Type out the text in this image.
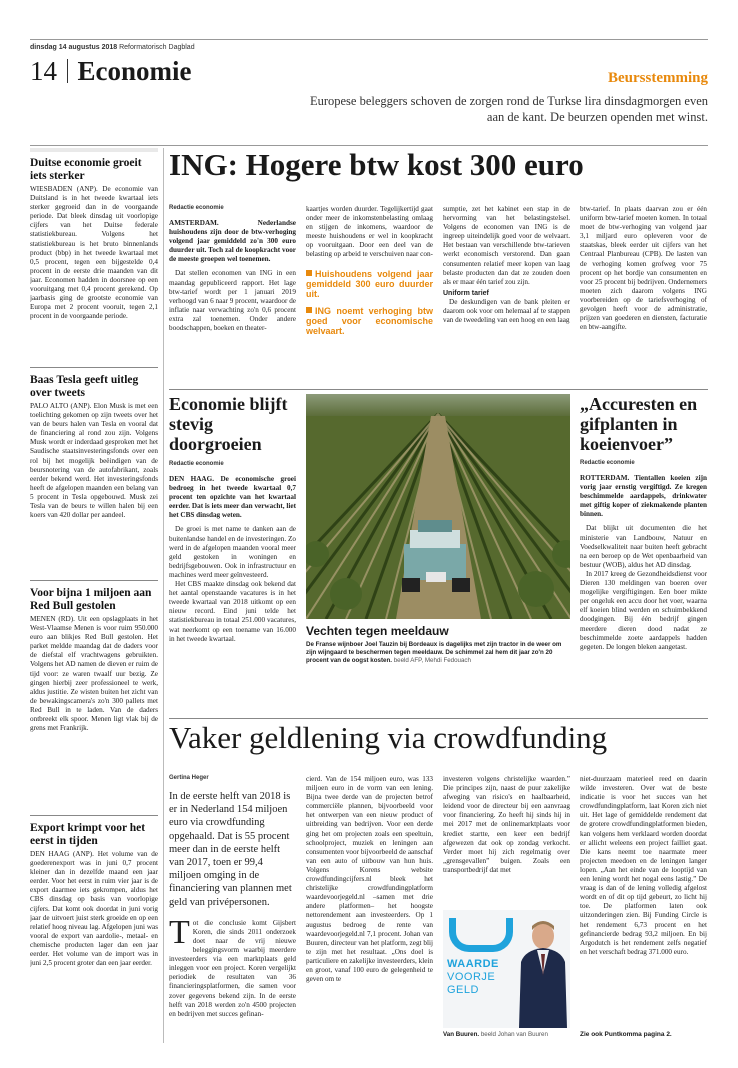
dinsdag 14 augustus 2018 Reformatorisch Dagblad
14 Economie	Beursstemming
Europese beleggers schoven de zorgen rond de Turkse lira dinsdagmorgen even aan de kant. De beurzen openden met winst.
Duitse economie groeit iets sterker
WIESBADEN (ANP). De economie van Duitsland is in het tweede kwartaal iets sterker gegroeid dan in de voorgaande periode. Dat bleek dinsdag uit voorlopige cijfers van het Duitse federale statistiekbureau. Volgens het statistiekbureau is het bruto binnenlands product (bbp) in het tweede kwartaal met 0,5 procent, tegen een bijgestelde 0,4 procent in de eerste drie maanden van dit jaar. Economen hadden in doorsnee op een vooruitgang met 0,4 procent gerekend. Op jaarbasis ging de grootste economie van Europa met 2 procent vooruit, tegen 2,1 procent in de voorgaande periode.
Baas Tesla geeft uitleg over tweets
PALO ALTO (ANP). Elon Musk is met een toelichting gekomen op zijn tweets over het van de beurs halen van Tesla en vooral dat de financiering al rond zou zijn. Volgens Musk wordt er inderdaad gesproken met het Saudische staatsinvesteringsfonds over een rol bij het mogelijk beëindigen van de beursnotering van de autofabrikant, zoals eerder bekend werd. Het investeringsfonds heeft de afgelopen maanden een belang van 5 procent in Tesla opgebouwd. Musk zei Tesla van de beurs te willen halen bij een koers van 420 dollar per aandeel.
Voor bijna 1 miljoen aan Red Bull gestolen
MENEN (RD). Uit een opslagplaats in het West-Vlaamse Menen is voor ruim 950.000 euro aan blikjes Red Bull gestolen. Het parket meldde maandag dat de daders voor de diefstal elf vrachtwagens gebruikten. Volgens het AD namen de dieven er ruim de tijd voor: ze waren twaalf uur bezig. Ze gingen hierbij zeer professioneel te werk, aldus justitie. Ze wisten buiten het zicht van de bewakingscamera's zo'n 300 pallets met Red Bull in te laden. Van de daders ontbreekt elk spoor. Menen ligt vlak bij de grens met Frankrijk.
Export krimpt voor het eerst in tijden
DEN HAAG (ANP). Het volume van de goederenexport was in juni 0,7 procent kleiner dan in dezelfde maand een jaar eerder. Voor het eerst in ruim vier jaar is de export daarmee iets gekrompen, aldus het CBS dinsdag op basis van voorlopige cijfers. Dat komt ook doordat in juni vorig jaar de uitvoert juist sterk groeide en op een relatief hoog niveau lag. Afgelopen juni was vooral de export van aardolie-, metaal- en chemische producten lager dan een jaar eerder. Het volume van de import was in juni 2,5 procent groter dan een jaar eerder.
ING: Hogere btw kost 300 euro
Redactie economie

AMSTERDAM. Nederlandse huishoudens zijn door de btw-verhoging volgend jaar gemiddeld zo'n 300 euro duurder uit. Toch zal de koopkracht voor de meeste groepen wel toenemen.

Dat stellen economen van ING in een maandag gepubliceerd rapport. Het lage btw-tarief wordt per 1 januari 2019 verhoogd van 6 naar 9 procent, waardoor de inflatie naar verwachting zo'n 0,6 procent extra zal toenemen. Onder andere boodschappen, boeken en theater-

kaartjes worden duurder. Tegelijkertijd gaat onder meer de inkomstenbelasting omlaag en stijgen de inkomens, waardoor de meeste huishoudens er wel in koopkracht op vooruitgaan. Door een deel van de belasting op arbeid te verschuiven naar con-

Huishoudens volgend jaar gemiddeld 300 euro duurder uit.
ING noemt verhoging btw goed voor economische welvaart.

sumptie, zet het kabinet een stap in de hervorming van het belastingstelsel. Volgens de economen van ING is de ingreep uiteindelijk goed voor de welvaart. Het bestaan van verschillende btw-tarieven werkt economisch verstorend. Dan gaan consumenten relatief meer kopen van laag belaste producten dan dat ze zouden doen als er maar één tarief zou zijn.

Uniform tarief

De deskundigen van de bank pleiten er daarom ook voor om helemaal af te stappen van de tweedeling van een hoog en een laag

btw-tarief. In plaats daarvan zou er één uniform btw-tarief moeten komen. In totaal moet de btw-verhoging van volgend jaar 3,1 miljard euro opleveren voor de staatskas, bleek eerder uit cijfers van het Centraal Planbureau (CPB). De lasten van de verhoging komen grofweg voor 75 procent op het bordje van consumenten en voor 25 procent bij bedrijven. Ondernemers moeten zich daarom volgens ING voorbereiden op de tariefsverhoging of gevolgen heeft voor de administratie, prijzen van goederen en diensten, facturatie en btw-aangifte.

Economie blijft stevig doorgroeien
Redactie economie

DEN HAAG. De economische groei bedroeg in het tweede kwartaal 0,7 procent ten opzichte van het kwartaal eerder. Dat is iets meer dan verwacht, liet het CBS dinsdag weten.

De groei is met name te danken aan de buitenlandse handel en de investeringen. Zo werd in de afgelopen maanden vooral meer geld gestoken in woningen en bedrijfsgebouwen. Ook in infrastructuur en machines werd meer geïnvesteerd.

Het CBS maakte dinsdag ook bekend dat het aantal openstaande vacatures is in het tweede kwartaal van 2018 uitkomt op een nieuw record. Eind juni telde het statistiekbureau in totaal 251.000 vacatures, wat neerkomt op een toename van 16.000 in het tweede kwartaal.

Vechten tegen meeldauw
De Franse wijnboer Joel Tauzin bij Bordeaux is dagelijks met zijn tractor in de weer om zijn wijngaard te beschermen tegen meeldauw. De schimmel zal hem dit jaar zo'n 20 procent van de oogst kosten. beeld AFP, Mehdi Fedouach
„Accuresten en gifplanten in koeienvoer”
Redactie economie

ROTTERDAM. Tientallen koeien zijn vorig jaar ernstig vergiftigd. Ze kregen beschimmelde aardappels, drinkwater met giftig koper of ziekmakende planten binnen.

Dat blijkt uit documenten die het ministerie van Landbouw, Natuur en Voedselkwaliteit naar buiten heeft gebracht na een beroep op de Wet openbaarheid van bestuur (WOB), aldus het AD dinsdag.

In 2017 kreeg de Gezondheidsdienst voor Dieren 130 meldingen van boeren over mogelijke vergiftigingen. Een boer mikte per ongeluk een accu door het voer, waarna elf koeien blind werden en schuimbekkend doodgingen. Bij één bedrijf gingen meerdere dieren dood nadat ze beschimmelde zoete aardappels hadden gegeten. De longen bleken aangetast.

Vaker geldlening via crowdfunding
Gertina Heger
In de eerste helft van 2018 is er in Nederland 154 miljoen euro via crowdfunding opgehaald. Dat is 55 procent meer dan in de eerste helft van 2017, toen er 99,4 miljoen omging in de financiering van plannen met geld van privépersonen.
T ot die conclusie komt Gijsbert Koren, die sinds 2011 onderzoek doet naar de vrij nieuwe beleggingsvorm waarbij meerdere investeerders via een marktplaats geld inleggen voor een project. Koren vergelijkt periodiek de resultaten van 36 financieringsplatformen, die samen voor zover gegevens bekend zijn. In de eerste helft van 2018 werden zo'n 4500 projecten en bedrijven met succes gefinan-

cierd. Van de 154 miljoen euro, was 133 miljoen euro in de vorm van een lening. Bijna twee derde van de projecten betrof commerciële plannen, bijvoorbeeld voor het ontwerpen van een nieuw product of uitbreiding van bedrijven. Voor een derde ging het om projecten zoals een speeltuin, schoolproject, muziek en leningen aan consumenten voor bijvoorbeeld de aanschaf van een auto of uitbouw van hun huis. Volgens Korens website crowdfundingcijfers.nl bleek het christelijke crowdfundingplatform waardevoorjegeld.nl –samen met drie andere platformen– het hoogste nettorendement aan investeerders. Op 1 augustus bedroeg de rente van waardevoorjegeld.nl 7,1 procent. Johan van Buuren, directeur van het platform, zegt blij te zijn met het resultaat. „Ons doel is particuliere en zakelijke investeerders, klein en groot, vanaf 100 euro de gelegenheid te geven om te

investeren volgens christelijke waarden.” Die principes zijn, naast de puur zakelijke afweging van risico's en haalbaarheid, leidend voor de directeur bij een aanvraag voor financiering. Zo heeft hij sinds hij in mei 2017 met de onlinemarktplaats voor krediet startte, een keer een bedrijf afgewezen dat ook op zondag verkocht. Verder moet hij zich regelmatig over „grensgevallen” buigen. Zoals een transportbedrijf dat met

WAARDE
VOORJE
GELD
Van Buuren. beeld Johan van Buuren

niet-duurzaam materieel reed en daarin wilde investeren. Over wat de beste indicatie is voor het succes van het crowdfundingplatform, laat Koren zich niet uit. Het lage of gemiddelde rendement dat de grotere crowdfundingplatformen bieden, kan volgens hem verklaard worden doordat er allicht weleens een project failliet gaat. Die kans neemt toe naarmate meer projecten meedoen en de leningen langer lopen. „Aan het einde van de looptijd van een lening wordt het nogal eens lastig.” De vraag is dan of de lening volledig afgelost wordt en of dit op tijd gebeurt, zo licht hij toe. De platformen laten ook uitzonderingen zien. Bij Funding Circle is het rendement 6,73 procent en het gefinancierde bedrag 93,2 miljoen. En bij Argodutch is het rendement zelfs negatief en het verschaft bedrag 371.000 euro.

Zie ook Puntkomma pagina 2.
